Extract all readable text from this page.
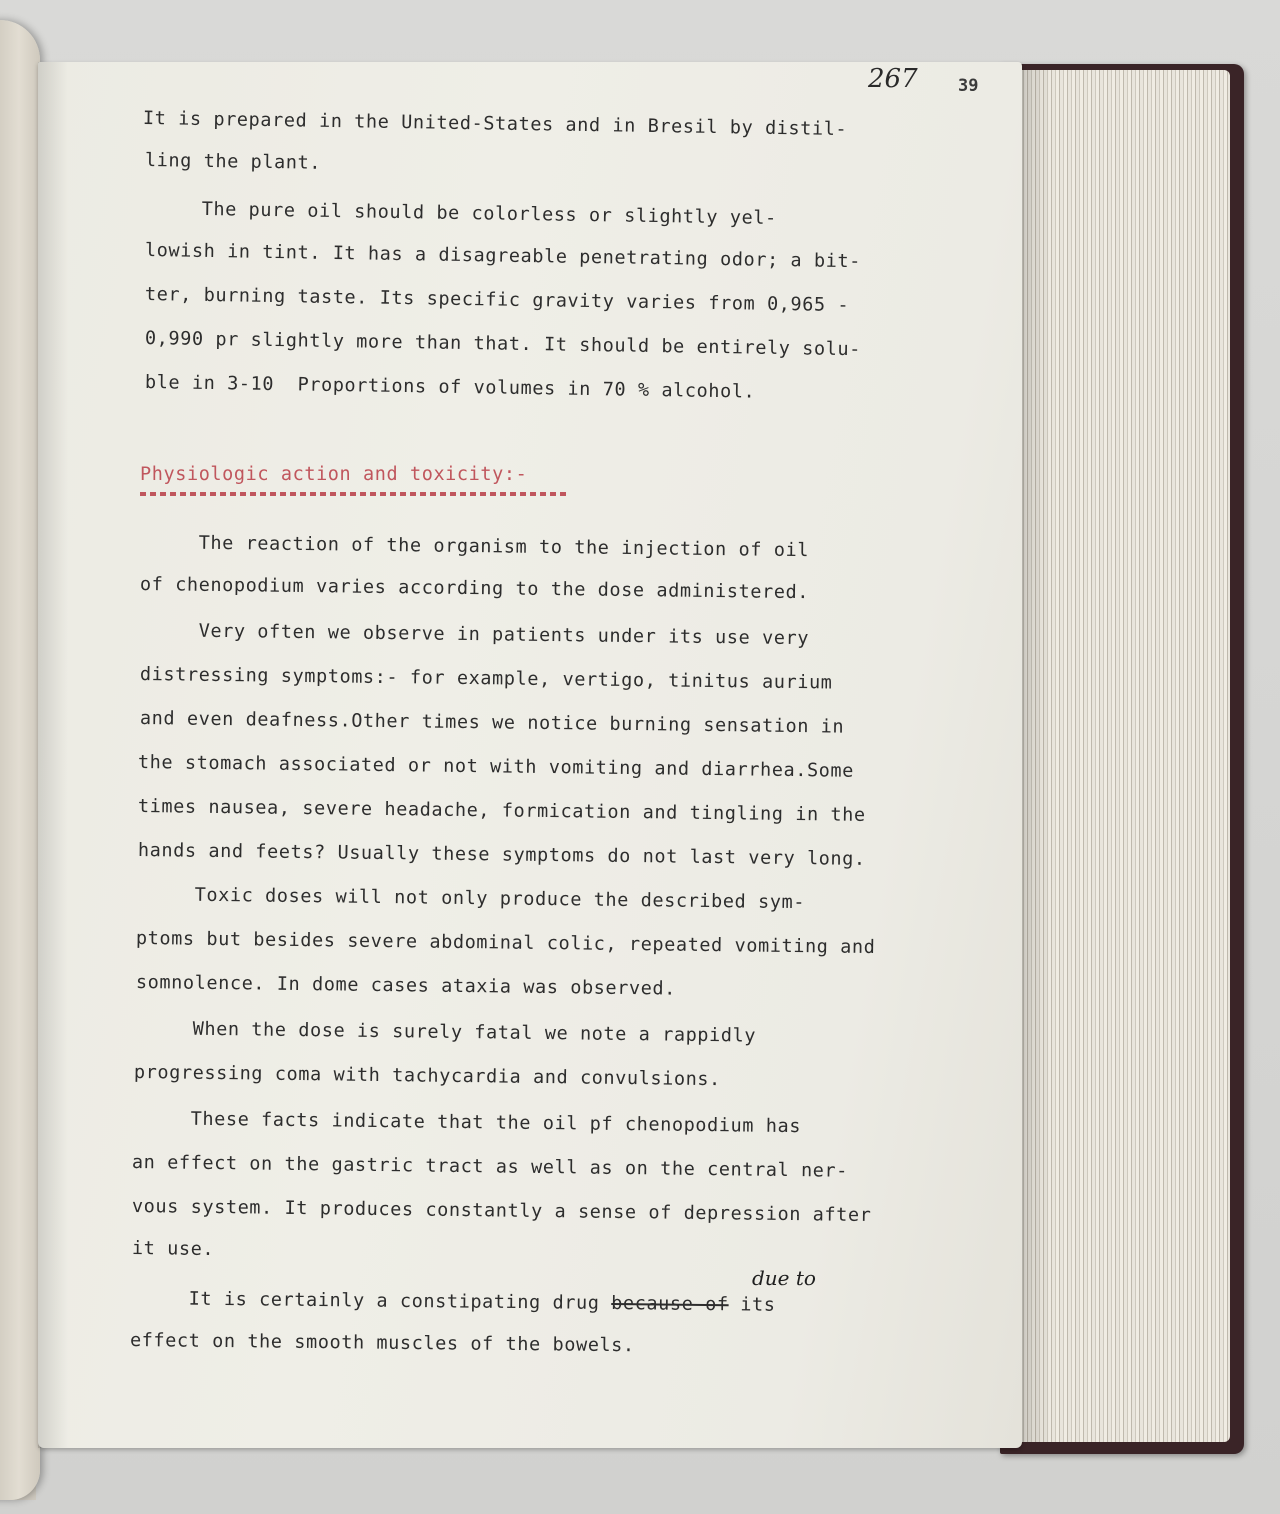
267 39
It is prepared in the United-States and in Bresil by distil-
ling the plant.
The pure oil should be colorless or slightly yel-
lowish in tint. It has a disagreable penetrating odor; a bit-
ter, burning taste. Its specific gravity varies from 0,965 -
0,990 pr slightly more than that. It should be entirely solu-
ble in 3-10  Proportions of volumes in 70 % alcohol.
Physiologic action and toxicity:-
The reaction of the organism to the injection of oil
of chenopodium varies according to the dose administered.
Very often we observe in patients under its use very
distressing symptoms:- for example, vertigo, tinitus aurium
and even deafness.Other times we notice burning sensation in
the stomach associated or not with vomiting and diarrhea.Some
times nausea, severe headache, formication and tingling in the
hands and feets? Usually these symptoms do not last very long.
Toxic doses will not only produce the described sym-
ptoms but besides severe abdominal colic, repeated vomiting and
somnolence. In dome cases ataxia was observed.
When the dose is surely fatal we note a rappidly
progressing coma with tachycardia and convulsions.
These facts indicate that the oil pf chenopodium has
an effect on the gastric tract as well as on the central ner-
vous system. It produces constantly a sense of depression after
it use.
due to
It is certainly a constipating drug because of its
effect on the smooth muscles of the bowels.
